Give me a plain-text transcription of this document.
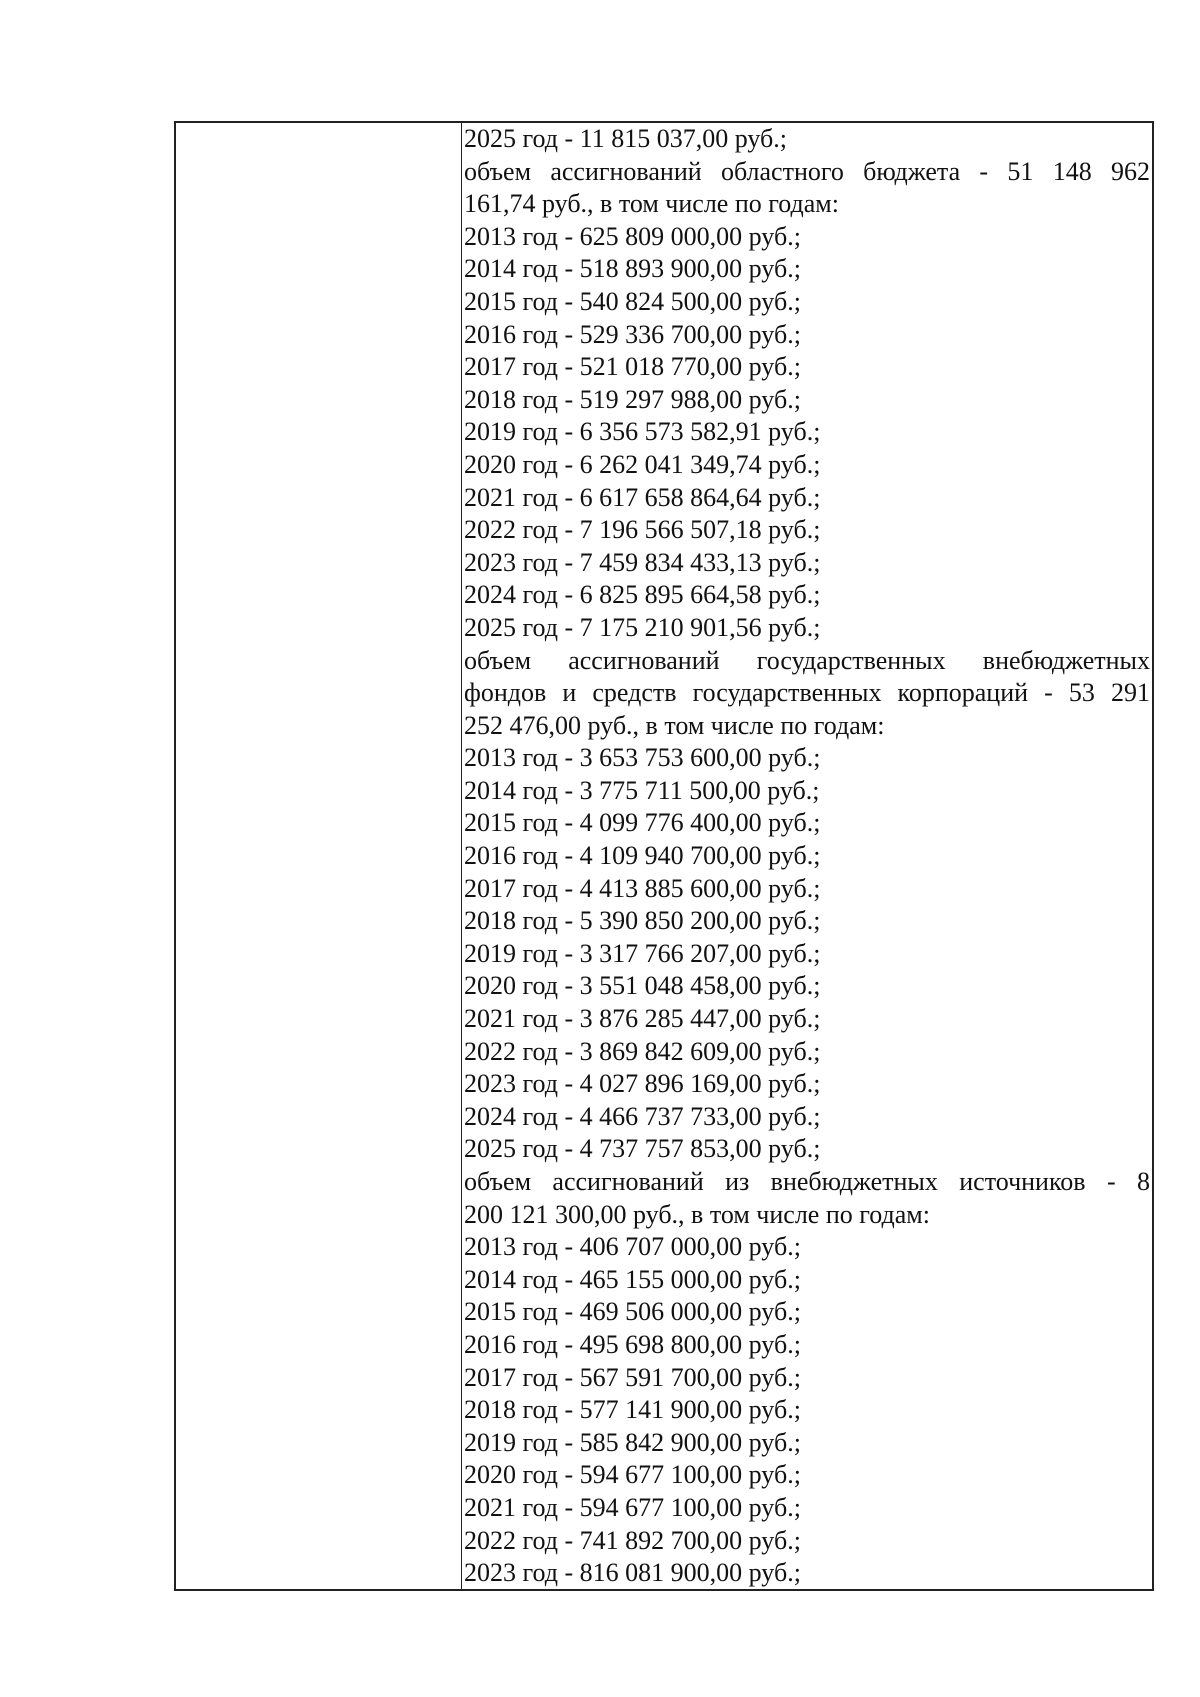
2025 год - 11 815 037,00 руб.;
объем ассигнований областного бюджета - 51 148 962
161,74 руб., в том числе по годам:
2013 год - 625 809 000,00 руб.;
2014 год - 518 893 900,00 руб.;
2015 год - 540 824 500,00 руб.;
2016 год - 529 336 700,00 руб.;
2017 год - 521 018 770,00 руб.;
2018 год - 519 297 988,00 руб.;
2019 год - 6 356 573 582,91 руб.;
2020 год - 6 262 041 349,74 руб.;
2021 год - 6 617 658 864,64 руб.;
2022 год - 7 196 566 507,18 руб.;
2023 год - 7 459 834 433,13 руб.;
2024 год - 6 825 895 664,58 руб.;
2025 год - 7 175 210 901,56 руб.;
объем ассигнований государственных внебюджетных
фондов и средств государственных корпораций - 53 291
252 476,00 руб., в том числе по годам:
2013 год - 3 653 753 600,00 руб.;
2014 год - 3 775 711 500,00 руб.;
2015 год - 4 099 776 400,00 руб.;
2016 год - 4 109 940 700,00 руб.;
2017 год - 4 413 885 600,00 руб.;
2018 год - 5 390 850 200,00 руб.;
2019 год - 3 317 766 207,00 руб.;
2020 год - 3 551 048 458,00 руб.;
2021 год - 3 876 285 447,00 руб.;
2022 год - 3 869 842 609,00 руб.;
2023 год - 4 027 896 169,00 руб.;
2024 год - 4 466 737 733,00 руб.;
2025 год - 4 737 757 853,00 руб.;
объем ассигнований из внебюджетных источников - 8
200 121 300,00 руб., в том числе по годам:
2013 год - 406 707 000,00 руб.;
2014 год - 465 155 000,00 руб.;
2015 год - 469 506 000,00 руб.;
2016 год - 495 698 800,00 руб.;
2017 год - 567 591 700,00 руб.;
2018 год - 577 141 900,00 руб.;
2019 год - 585 842 900,00 руб.;
2020 год - 594 677 100,00 руб.;
2021 год - 594 677 100,00 руб.;
2022 год - 741 892 700,00 руб.;
2023 год - 816 081 900,00 руб.;
